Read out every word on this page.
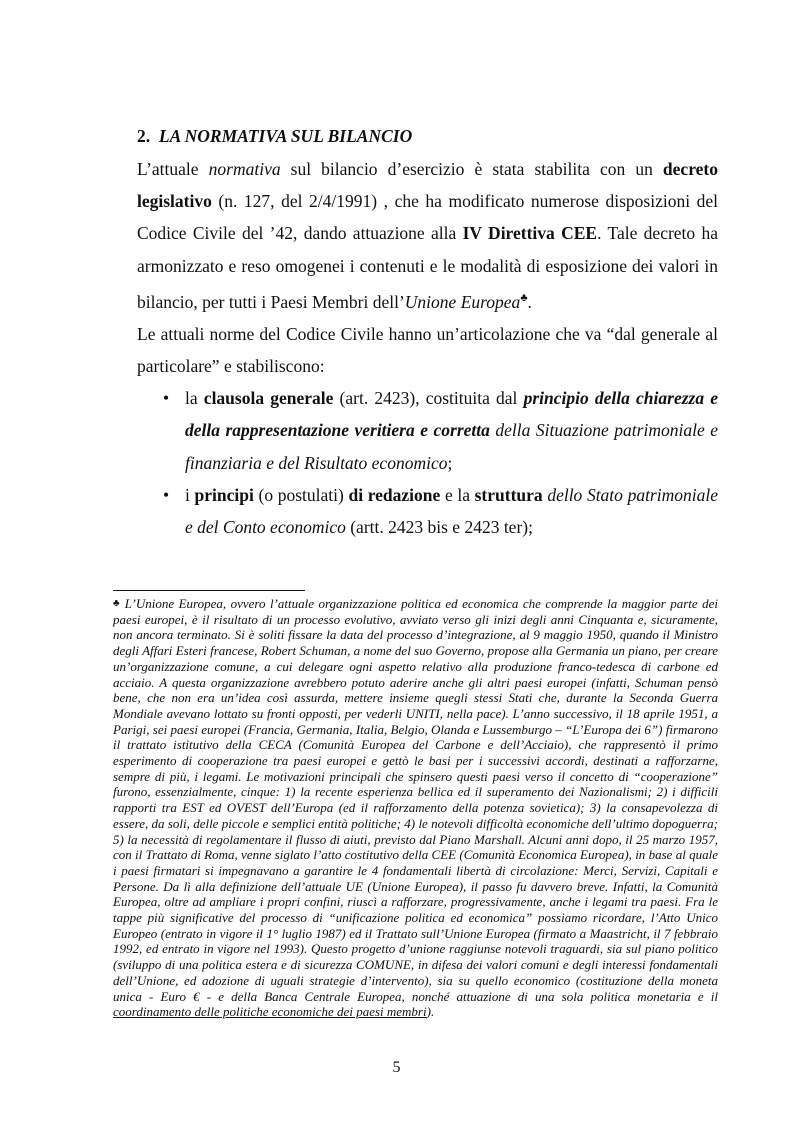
2. LA NORMATIVA SUL BILANCIO

L’attuale normativa sul bilancio d’esercizio è stata stabilita con un decreto legislativo (n. 127, del 2/4/1991) , che ha modificato numerose disposizioni del Codice Civile del ’42, dando attuazione alla IV Direttiva CEE. Tale decreto ha armonizzato e reso omogenei i contenuti e le modalità di esposizione dei valori in bilancio, per tutti i Paesi Membri dell’Unione Europea♣.

Le attuali norme del Codice Civile hanno un’articolazione che va “dal generale al particolare” e stabiliscono:

• la clausola generale (art. 2423), costituita dal principio della chiarezza e della rappresentazione veritiera e corretta della Situazione patrimoniale e finanziaria e del Risultato economico;
• i principi (o postulati) di redazione e la struttura dello Stato patrimoniale e del Conto economico (artt. 2423 bis e 2423 ter);
♣ L’Unione Europea, ovvero l’attuale organizzazione politica ed economica che comprende la maggior parte dei paesi europei, è il risultato di un processo evolutivo, avviato verso gli inizi degli anni Cinquanta e, sicuramente, non ancora terminato. Si è soliti fissare la data del processo d’integrazione, al 9 maggio 1950, quando il Ministro degli Affari Esteri francese, Robert Schuman, a nome del suo Governo, propose alla Germania un piano, per creare un’organizzazione comune, a cui delegare ogni aspetto relativo alla produzione franco-tedesca di carbone ed acciaio. A questa organizzazione avrebbero potuto aderire anche gli altri paesi europei (infatti, Schuman pensò bene, che non era un’idea così assurda, mettere insieme quegli stessi Stati che, durante la Seconda Guerra Mondiale avevano lottato su fronti opposti, per vederli UNITI, nella pace). L’anno successivo, il 18 aprile 1951, a Parigi, sei paesi europei (Francia, Germania, Italia, Belgio, Olanda e Lussemburgo – “L’Europa dei 6”) firmarono il trattato istitutivo della CECA (Comunità Europea del Carbone e dell’Acciaio), che rappresentò il primo esperimento di cooperazione tra paesi europei e gettò le basi per i successivi accordi, destinati a rafforzarne, sempre di più, i legami. Le motivazioni principali che spinsero questi paesi verso il concetto di “cooperazione” furono, essenzialmente, cinque: 1) la recente esperienza bellica ed il superamento dei Nazionalismi; 2) i difficili rapporti tra EST ed OVEST dell’Europa (ed il rafforzamento della potenza sovietica); 3) la consapevolezza di essere, da soli, delle piccole e semplici entità politiche; 4) le notevoli difficoltà economiche dell’ultimo dopoguerra; 5) la necessità di regolamentare il flusso di aiuti, previsto dal Piano Marshall. Alcuni anni dopo, il 25 marzo 1957, con il Trattato di Roma, venne siglato l’atto costitutivo della CEE (Comunità Economica Europea), in base al quale i paesi firmatari si impegnavano a garantire le 4 fondamentali libertà di circolazione: Merci, Servizi, Capitali e Persone. Da lì alla definizione dell’attuale UE (Unione Europea), il passo fu davvero breve. Infatti, la Comunità Europea, oltre ad ampliare i propri confini, riuscì a rafforzare, progressivamente, anche i legami tra paesi. Fra le tappe più significative del processo di “unificazione politica ed economica” possiamo ricordare, l’Atto Unico Europeo (entrato in vigore il 1° luglio 1987) ed il Trattato sull’Unione Europea (firmato a Maastricht, il 7 febbraio 1992, ed entrato in vigore nel 1993). Questo progetto d’unione raggiunse notevoli traguardi, sia sul piano politico (sviluppo di una politica estera e di sicurezza COMUNE, in difesa dei valori comuni e degli interessi fondamentali dell’Unione, ed adozione di uguali strategie d’intervento), sia su quello economico (costituzione della moneta unica - Euro € - e della Banca Centrale Europea, nonché attuazione di una sola politica monetaria e il coordinamento delle politiche economiche dei paesi membri).
5
